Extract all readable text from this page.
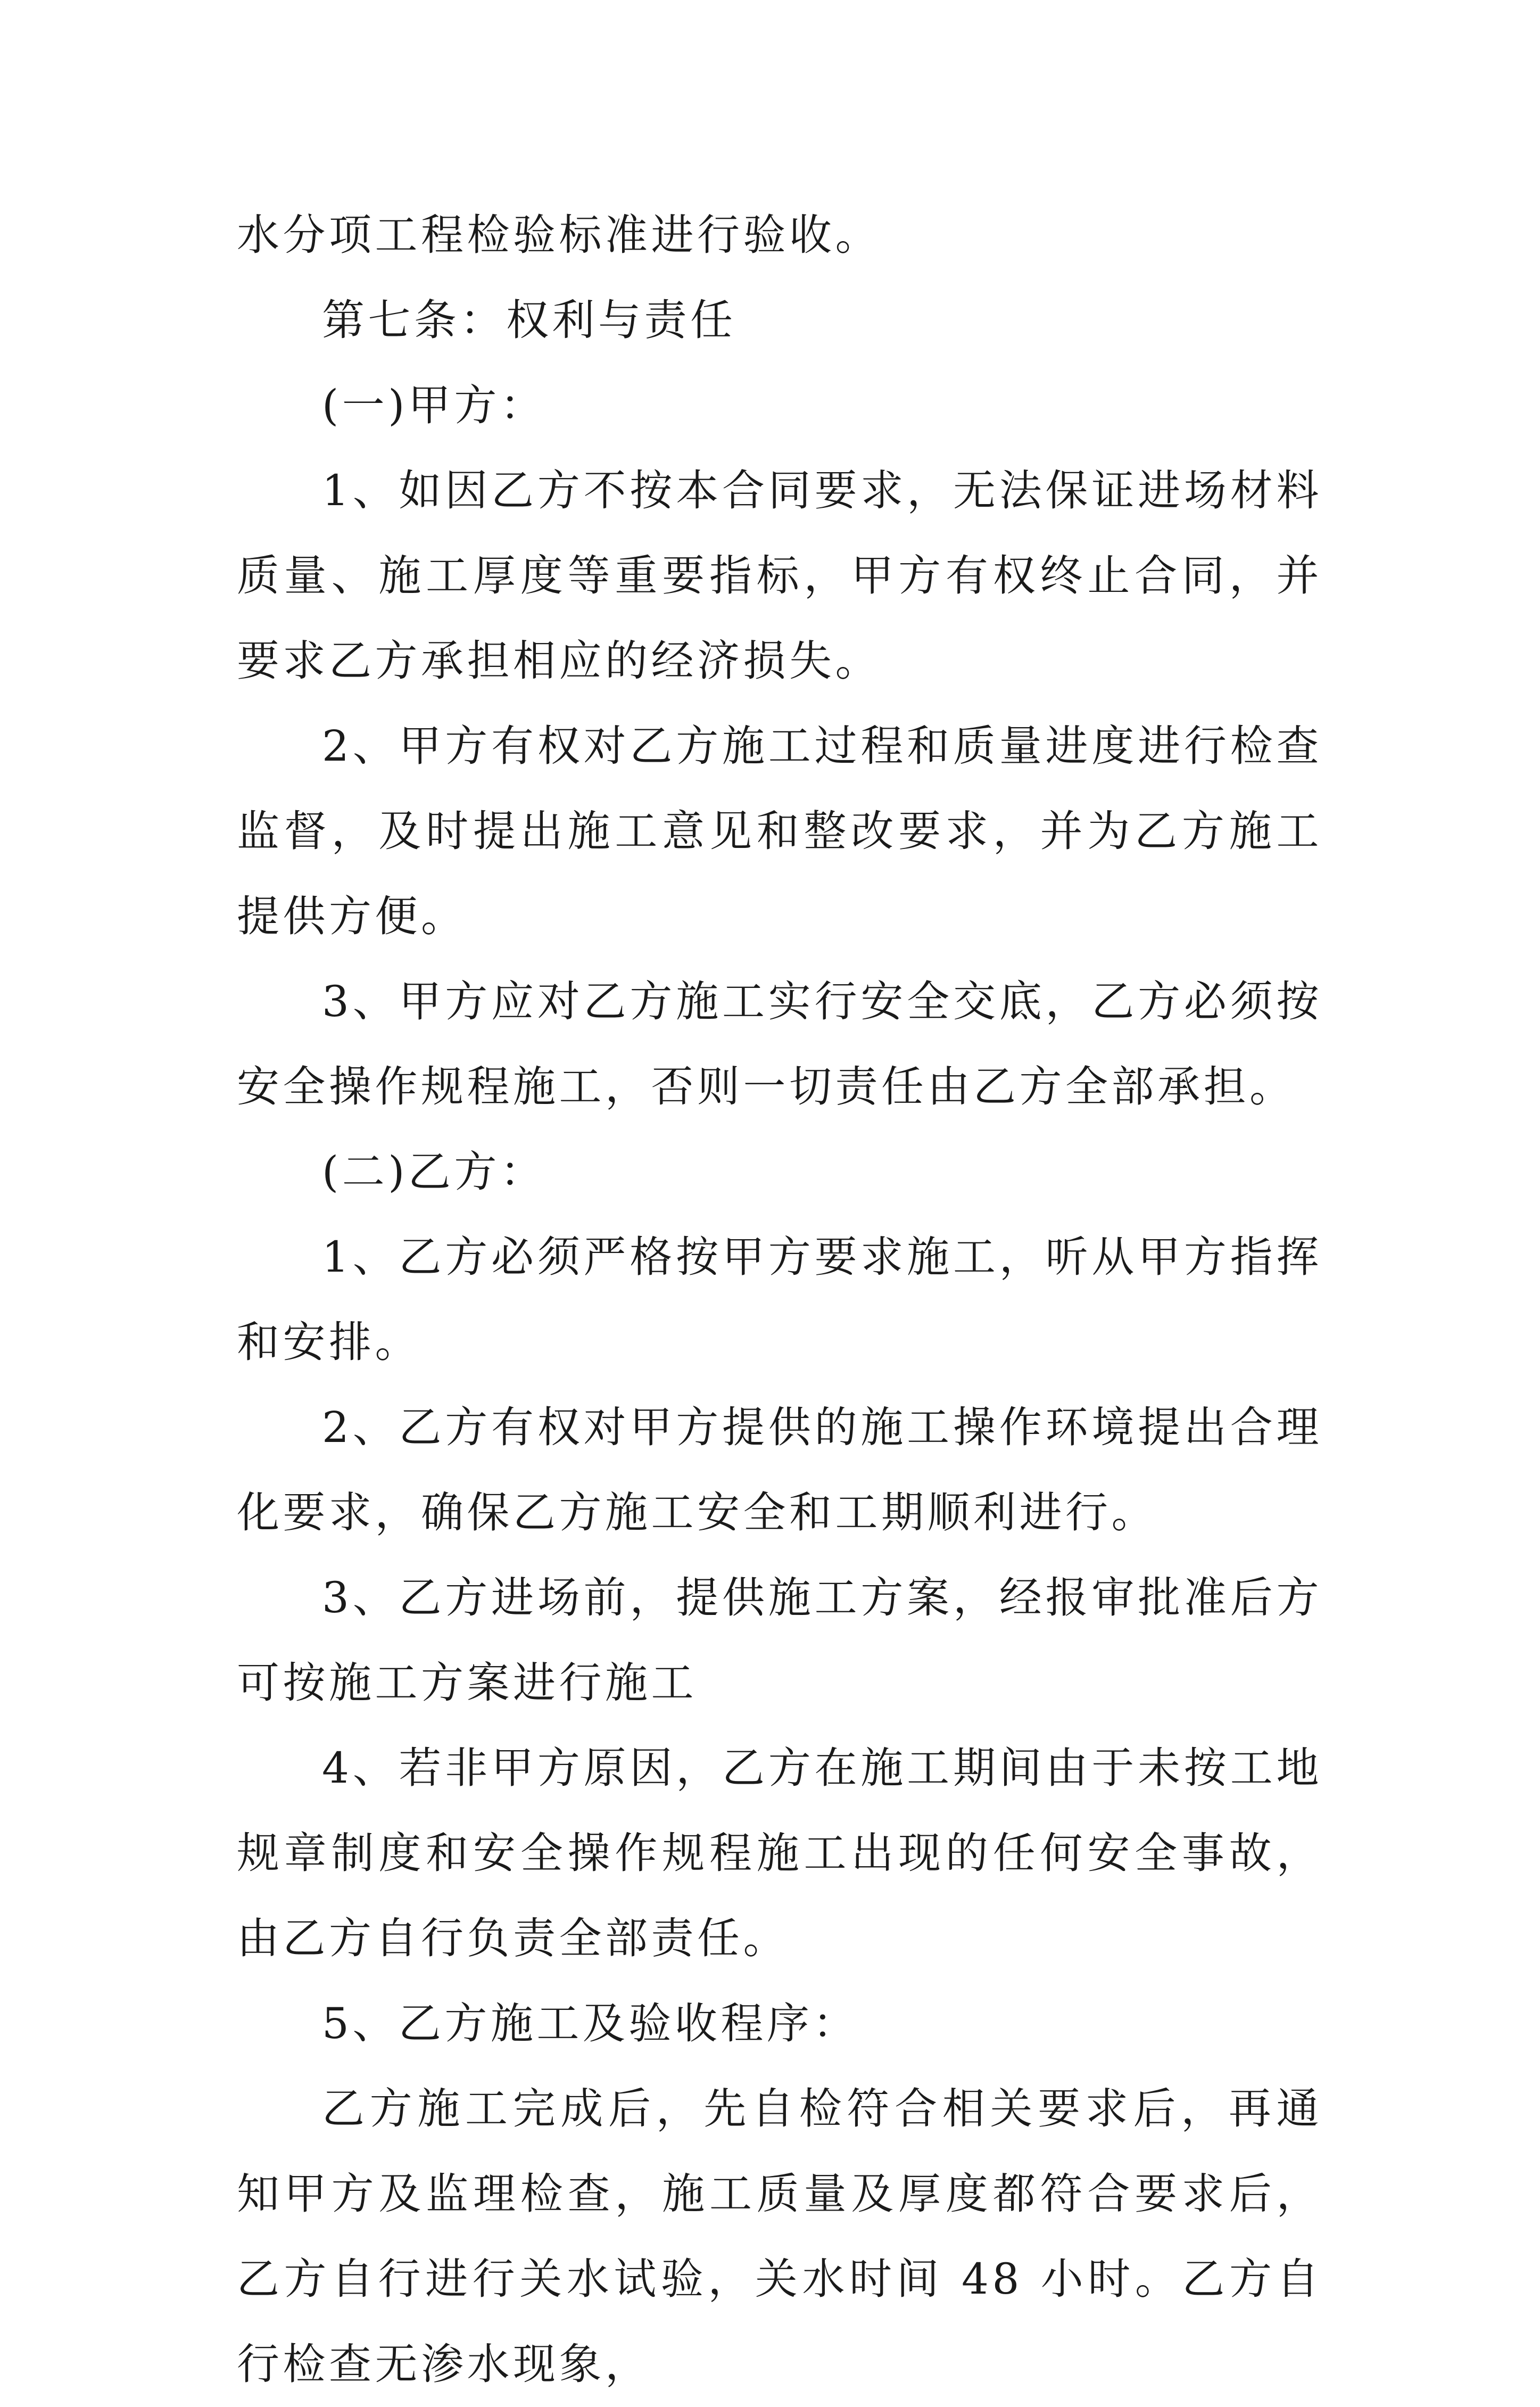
水分项工程检验标准进行验收。

第七条：权利与责任

(一)甲方：

1、如因乙方不按本合同要求，无法保证进场材料质量、施工厚度等重要指标，甲方有权终止合同，并要求乙方承担相应的经济损失。

2、甲方有权对乙方施工过程和质量进度进行检查监督，及时提出施工意见和整改要求，并为乙方施工提供方便。

3、甲方应对乙方施工实行安全交底，乙方必须按安全操作规程施工，否则一切责任由乙方全部承担。

(二)乙方：

1、乙方必须严格按甲方要求施工，听从甲方指挥和安排。

2、乙方有权对甲方提供的施工操作环境提出合理化要求，确保乙方施工安全和工期顺利进行。

3、乙方进场前，提供施工方案，经报审批准后方可按施工方案进行施工

4、若非甲方原因，乙方在施工期间由于未按工地规章制度和安全操作规程施工出现的任何安全事故，由乙方自行负责全部责任。

5、乙方施工及验收程序：

乙方施工完成后，先自检符合相关要求后，再通知甲方及监理检查，施工质量及厚度都符合要求后，乙方自行进行关水试验，关水时间 48 小时。乙方自行检查无渗水现象，
